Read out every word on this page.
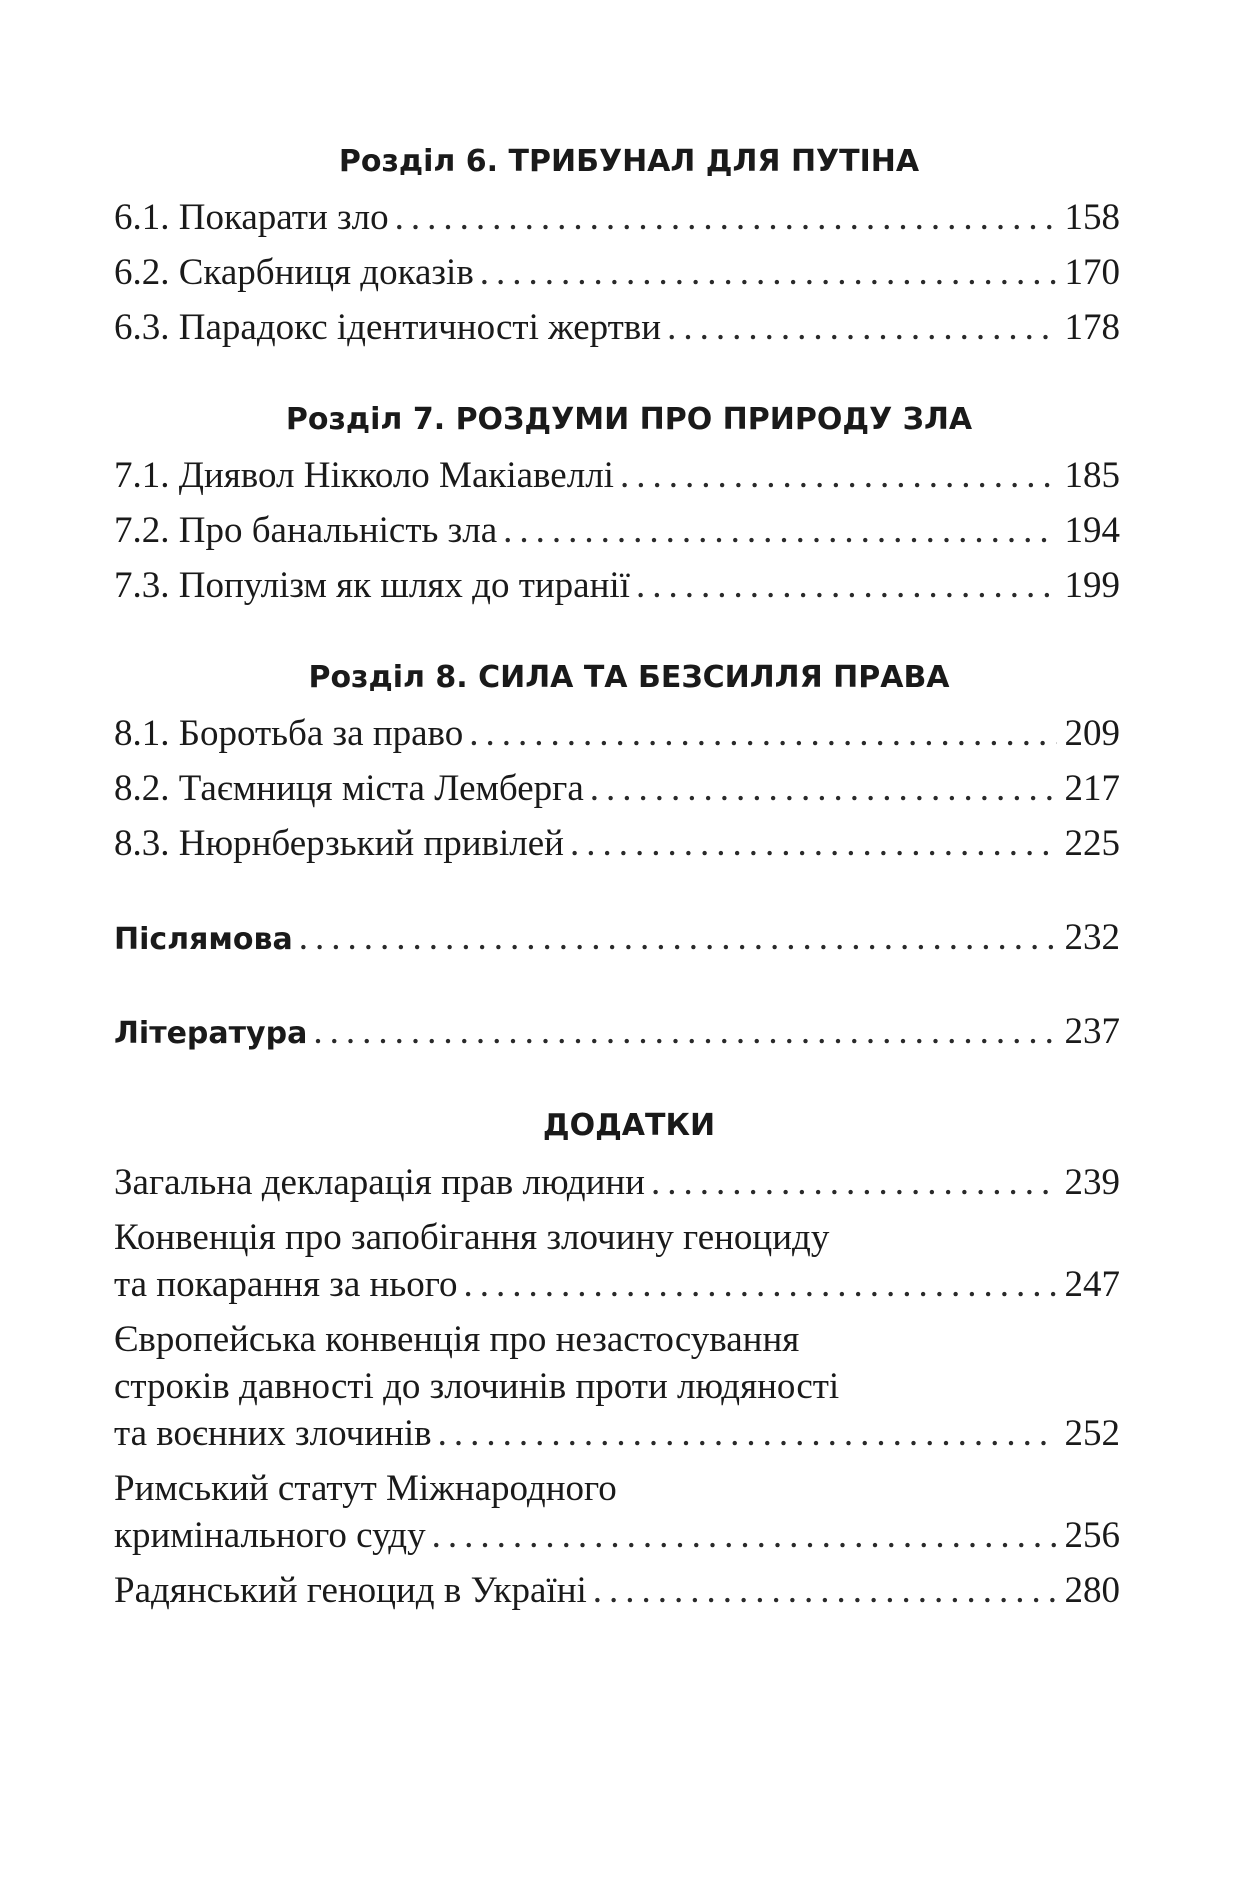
Розділ 6. ТРИБУНАЛ ДЛЯ ПУТІНА
6.1. Покарати зло .....	158
6.2. Скарбниця доказів .....	170
6.3. Парадокс ідентичності жертви .....	178
Розділ 7. РОЗДУМИ ПРО ПРИРОДУ ЗЛА
7.1. Диявол Нікколо Макіавеллі .....	185
7.2. Про банальність зла .....	194
7.3. Популізм як шлях до тиранії .....	199
Розділ 8. СИЛА ТА БЕЗСИЛЛЯ ПРАВА
8.1. Боротьба за право .....	209
8.2. Таємниця міста Лемберга .....	217
8.3. Нюрнберзький привілей .....	225
Післямова .....	232
Література .....	237
ДОДАТКИ
Загальна декларація прав людини .....	239
Конвенція про запобігання злочину геноциду
та покарання за нього .....	247
Європейська конвенція про незастосування
строків давності до злочинів проти людяності
та воєнних злочинів .....	252
Римський статут Міжнародного
кримінального суду .....	256
Радянський геноцид в Україні .....	280
